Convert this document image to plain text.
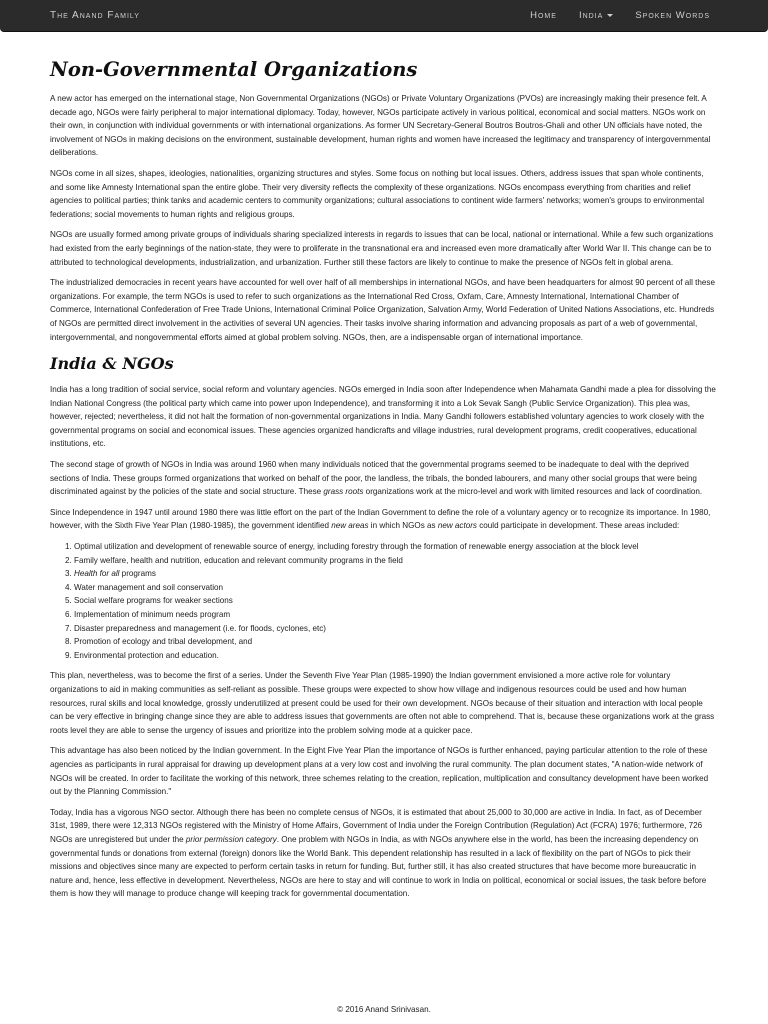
The Anand Family	Home India	Spoken Words
Non-Governmental Organizations

A new actor has emerged on the international stage, Non Governmental Organizations (NGOs) or Private Voluntary Organizations (PVOs) are increasingly making their presence felt. A decade ago, NGOs were fairly peripheral to major international diplomacy. Today, however, NGOs participate actively in various political, economical and social matters. NGOs work on their own, in conjunction with individual governments or with international organizations. As former UN Secretary-General Boutros Boutros-Ghali and other UN officials have noted, the involvement of NGOs in making decisions on the environment, sustainable development, human rights and women have increased the legitimacy and transparency of intergovernmental deliberations.

NGOs come in all sizes, shapes, ideologies, nationalities, organizing structures and styles. Some focus on nothing but local issues. Others, address issues that span whole continents, and some like Amnesty International span the entire globe. Their very diversity reflects the complexity of these organizations. NGOs encompass everything from charities and relief agencies to political parties; think tanks and academic centers to community organizations; cultural associations to continent wide farmers' networks; women's groups to environmental federations; social movements to human rights and religious groups.

NGOs are usually formed among private groups of individuals sharing specialized interests in regards to issues that can be local, national or international. While a few such organizations had existed from the early beginnings of the nation-state, they were to proliferate in the transnational era and increased even more dramatically after World War II. This change can be to attributed to technological developments, industrialization, and urbanization. Further still these factors are likely to continue to make the presence of NGOs felt in global arena.

The industrialized democracies in recent years have accounted for well over half of all memberships in international NGOs, and have been headquarters for almost 90 percent of all these organizations. For example, the term NGOs is used to refer to such organizations as the International Red Cross, Oxfam, Care, Amnesty International, International Chamber of Commerce, International Confederation of Free Trade Unions, International Criminal Police Organization, Salvation Army, World Federation of United Nations Associations, etc. Hundreds of NGOs are permitted direct involvement in the activities of several UN agencies. Their tasks involve sharing information and advancing proposals as part of a web of governmental, intergovernmental, and nongovernmental efforts aimed at global problem solving. NGOs, then, are a indispensable organ of international importance.

India & NGOs

India has a long tradition of social service, social reform and voluntary agencies. NGOs emerged in India soon after Independence when Mahamata Gandhi made a plea for dissolving the Indian National Congress (the political party which came into power upon Independence), and transforming it into a Lok Sevak Sangh (Public Service Organization). This plea was, however, rejected; nevertheless, it did not halt the formation of non-governmental organizations in India. Many Gandhi followers established voluntary agencies to work closely with the governmental programs on social and economical issues. These agencies organized handicrafts and village industries, rural development programs, credit cooperatives, educational institutions, etc.

The second stage of growth of NGOs in India was around 1960 when many individuals noticed that the governmental programs seemed to be inadequate to deal with the deprived sections of India. These groups formed organizations that worked on behalf of the poor, the landless, the tribals, the bonded labourers, and many other social groups that were being discriminated against by the policies of the state and social structure. These grass roots organizations work at the micro-level and work with limited resources and lack of coordination.

Since Independence in 1947 until around 1980 there was little effort on the part of the Indian Government to define the role of a voluntary agency or to recognize its importance. In 1980, however, with the Sixth Five Year Plan (1980-1985), the government identified new areas in which NGOs as new actors could participate in development. These areas included:

1. Optimal utilization and development of renewable source of energy, including forestry through the formation of renewable energy association at the block level
2. Family welfare, health and nutrition, education and relevant community programs in the field
3. Health for all programs
4. Water management and soil conservation
5. Social welfare programs for weaker sections
6. Implementation of minimum needs program
7. Disaster preparedness and management (i.e. for floods, cyclones, etc)
8. Promotion of ecology and tribal development, and
9. Environmental protection and education.

This plan, nevertheless, was to become the first of a series. Under the Seventh Five Year Plan (1985-1990) the Indian government envisioned a more active role for voluntary organizations to aid in making communities as self-reliant as possible. These groups were expected to show how village and indigenous resources could be used and how human resources, rural skills and local knowledge, grossly underutilized at present could be used for their own development. NGOs because of their situation and interaction with local people can be very effective in bringing change since they are able to address issues that governments are often not able to comprehend. That is, because these organizations work at the grass roots level they are able to sense the urgency of issues and prioritize into the problem solving mode at a quicker pace.

This advantage has also been noticed by the Indian government. In the Eight Five Year Plan the importance of NGOs is further enhanced, paying particular attention to the role of these agencies as participants in rural appraisal for drawing up development plans at a very low cost and involving the rural community. The plan document states, "A nation-wide network of NGOs will be created. In order to facilitate the working of this network, three schemes relating to the creation, replication, multiplication and consultancy development have been worked out by the Planning Commission."

Today, India has a vigorous NGO sector. Although there has been no complete census of NGOs, it is estimated that about 25,000 to 30,000 are active in India. In fact, as of December 31st, 1989, there were 12,313 NGOs registered with the Ministry of Home Affairs, Government of India under the Foreign Contribution (Regulation) Act (FCRA) 1976; furthermore, 726 NGOs are unregistered but under the prior permission category. One problem with NGOs in India, as with NGOs anywhere else in the world, has been the increasing dependency on governmental funds or donations from external (foreign) donors like the World Bank. This dependent relationship has resulted in a lack of flexibility on the part of NGOs to pick their missions and objectives since many are expected to perform certain tasks in return for funding. But, further still, it has also created structures that have become more bureaucratic in nature and, hence, less effective in development. Nevertheless, NGOs are here to stay and will continue to work in India on political, economical or social issues, the task before before them is how they will manage to produce change will keeping track for governmental documentation.

© 2016 Anand Srinivasan.
